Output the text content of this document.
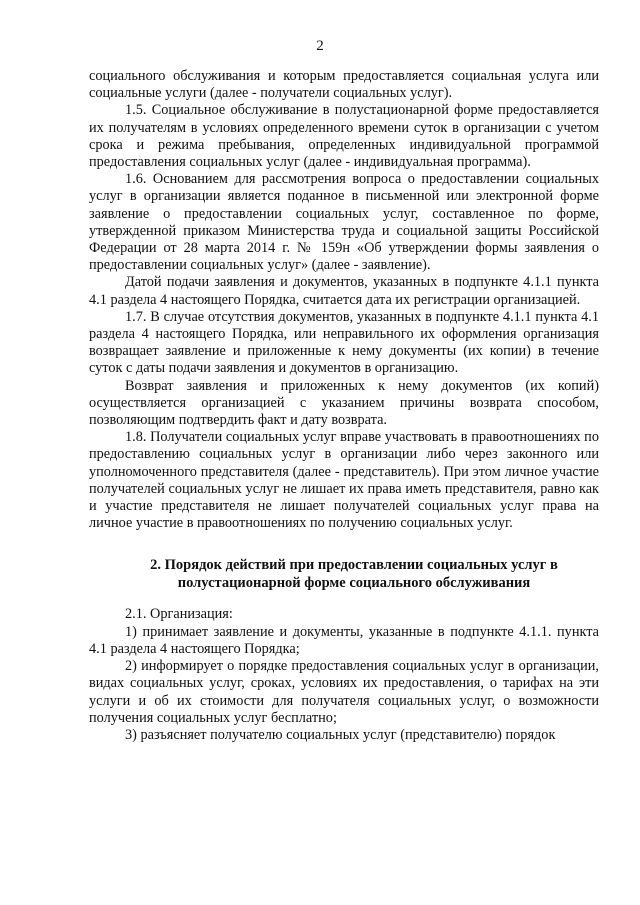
2

социального обслуживания и которым предоставляется социальная услуга или социальные услуги (далее - получатели социальных услуг).

1.5. Социальное обслуживание в полустационарной форме предоставляется их получателям в условиях определенного времени суток в организации с учетом срока и режима пребывания, определенных индивидуальной программой предоставления социальных услуг (далее - индивидуальная программа).

1.6. Основанием для рассмотрения вопроса о предоставлении социальных услуг в организации является поданное в письменной или электронной форме заявление о предоставлении социальных услуг, составленное по форме, утвержденной приказом Министерства труда и социальной защиты Российской Федерации от 28 марта 2014 г. № 159н «Об утверждении формы заявления о предоставлении социальных услуг» (далее - заявление).

Датой подачи заявления и документов, указанных в подпункте 4.1.1 пункта 4.1 раздела 4 настоящего Порядка, считается дата их регистрации организацией.

1.7. В случае отсутствия документов, указанных в подпункте 4.1.1 пункта 4.1 раздела 4 настоящего Порядка, или неправильного их оформления организация возвращает заявление и приложенные к нему документы (их копии) в течение суток с даты подачи заявления и документов в организацию.

Возврат заявления и приложенных к нему документов (их копий) осуществляется организацией с указанием причины возврата способом, позволяющим подтвердить факт и дату возврата.

1.8. Получатели социальных услуг вправе участвовать в правоотношениях по предоставлению социальных услуг в организации либо через законного или уполномоченного представителя (далее - представитель). При этом личное участие получателей социальных услуг не лишает их права иметь представителя, равно как и участие представителя не лишает получателей социальных услуг права на личное участие в правоотношениях по получению социальных услуг.

2. Порядок действий при предоставлении социальных услуг в полустационарной форме социального обслуживания

2.1. Организация:

1) принимает заявление и документы, указанные в подпункте 4.1.1. пункта 4.1 раздела 4 настоящего Порядка;

2) информирует о порядке предоставления социальных услуг в организации, видах социальных услуг, сроках, условиях их предоставления, о тарифах на эти услуги и об их стоимости для получателя социальных услуг, о возможности получения социальных услуг бесплатно;

3) разъясняет получателю социальных услуг (представителю) порядок
